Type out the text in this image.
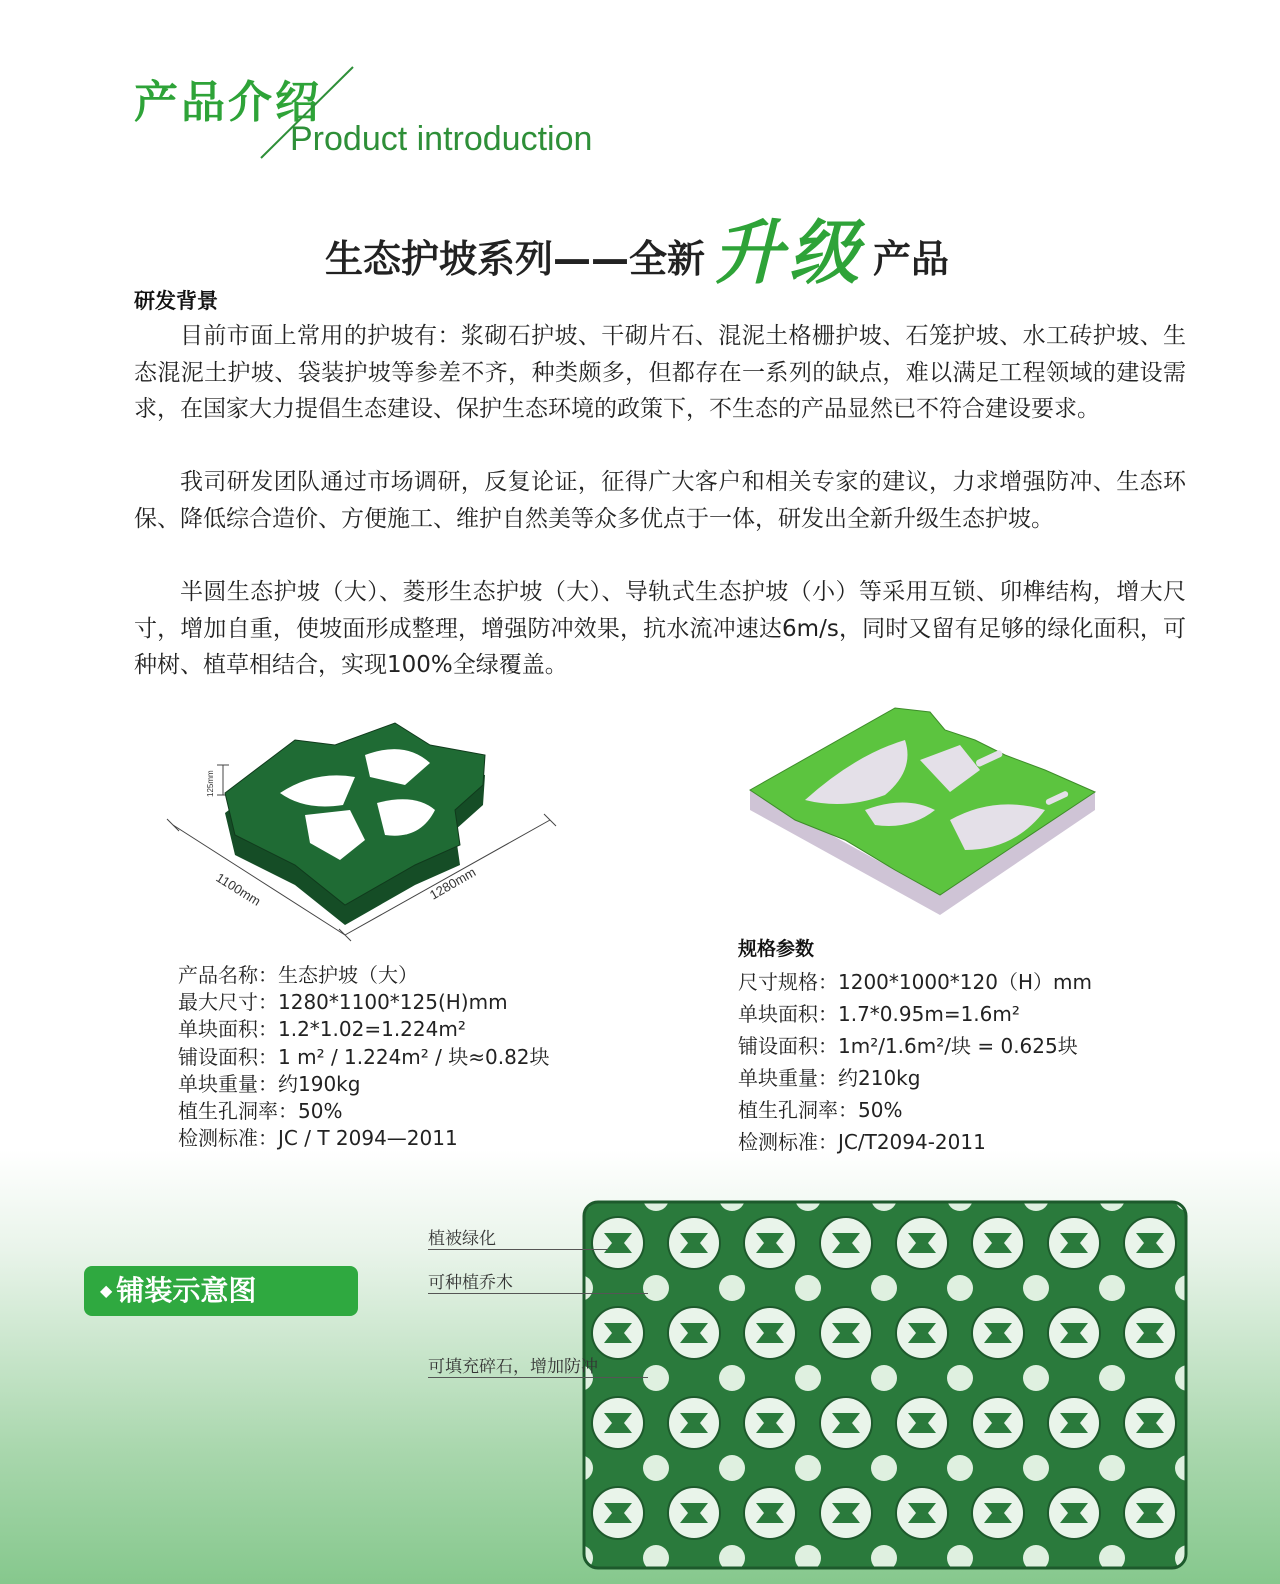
产品介绍
Product introduction
生态护坡系列——全新 升级 产品
研发背景

目前市面上常用的护坡有：浆砌石护坡、干砌片石、混泥土格栅护坡、石笼护坡、水工砖护坡、生态混泥土护坡、袋装护坡等参差不齐，种类颇多，但都存在一系列的缺点，难以满足工程领域的建设需求，在国家大力提倡生态建设、保护生态环境的政策下，不生态的产品显然已不符合建设要求。

我司研发团队通过市场调研，反复论证，征得广大客户和相关专家的建议，力求增强防冲、生态环保、降低综合造价、方便施工、维护自然美等众多优点于一体，研发出全新升级生态护坡。

半圆生态护坡（大）、菱形生态护坡（大）、导轨式生态护坡（小）等采用互锁、卯榫结构，增大尺寸，增加自重，使坡面形成整理，增强防冲效果，抗水流冲速达6m/s，同时又留有足够的绿化面积，可种树、植草相结合，实现100%全绿覆盖。

1100mm	1280mm
125mm
产品名称：生态护坡（大）
最大尺寸：1280*1100*125(H)mm
单块面积：1.2*1.02=1.224m²
铺设面积：1 m² / 1.224m² / 块≈0.82块
单块重量：约190kg
植生孔洞率：50%
检测标准：JC / T 2094—2011
规格参数
尺寸规格：1200*1000*120（H）mm
单块面积：1.7*0.95m=1.6m²
铺设面积：1m²/1.6m²/块 = 0.625块
单块重量：约210kg
植生孔洞率：50%
检测标准：JC/T2094-2011
◆ 铺装示意图
植被绿化
可种植乔木
可填充碎石，增加防冲
